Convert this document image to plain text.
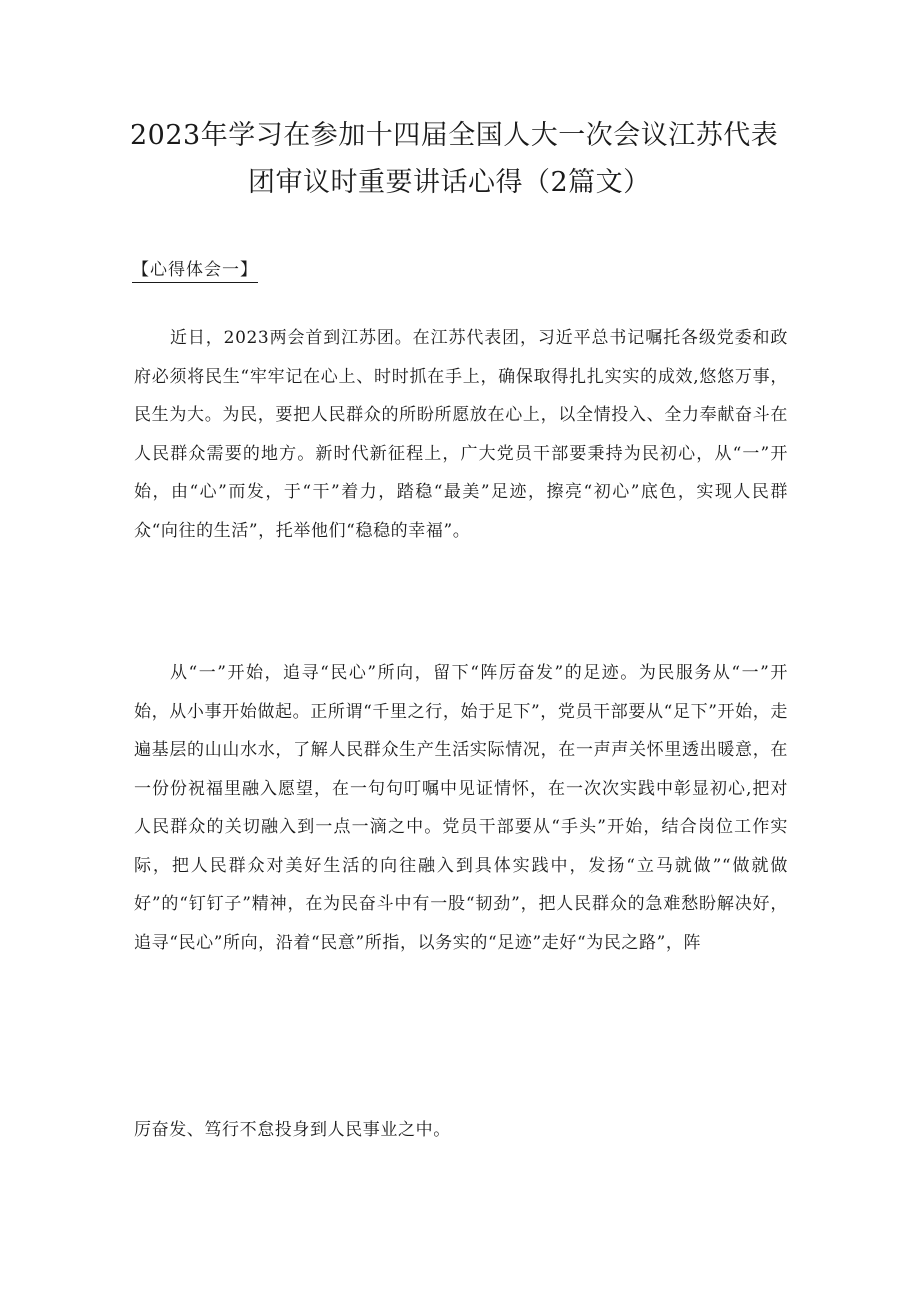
2023年学习在参加十四届全国人大一次会议江苏代表
团审议时重要讲话心得（2篇文）
【心得体会一】

近日，2023两会首到江苏团。在江苏代表团，习近平总书记嘱托各级党委和政府必须将民生“牢牢记在心上、时时抓在手上，确保取得扎扎实实的成效,悠悠万事，民生为大。为民，要把人民群众的所盼所愿放在心上，以全情投入、全力奉献奋斗在人民群众需要的地方。新时代新征程上，广大党员干部要秉持为民初心，从“一”开始，由“心”而发，于“干”着力，踏稳“最美”足迹，擦亮“初心”底色，实现人民群众“向往的生活”，托举他们“稳稳的幸福”。

从“一”开始，追寻“民心”所向，留下“阵厉奋发”的足迹。为民服务从“一”开始，从小事开始做起。正所谓“千里之行，始于足下”，党员干部要从“足下”开始，走遍基层的山山水水，了解人民群众生产生活实际情况，在一声声关怀里透出暖意，在一份份祝福里融入愿望，在一句句叮嘱中见证情怀，在一次次实践中彰显初心,把对人民群众的关切融入到一点一滴之中。党员干部要从“手头”开始，结合岗位工作实际，把人民群众对美好生活的向往融入到具体实践中，发扬“立马就做”“做就做好”的“钉钉子”精神，在为民奋斗中有一股“韧劲”，把人民群众的急难愁盼解决好，追寻“民心”所向，沿着“民意”所指，以务实的“足迹”走好“为民之路”，阵

厉奋发、笃行不怠投身到人民事业之中。
